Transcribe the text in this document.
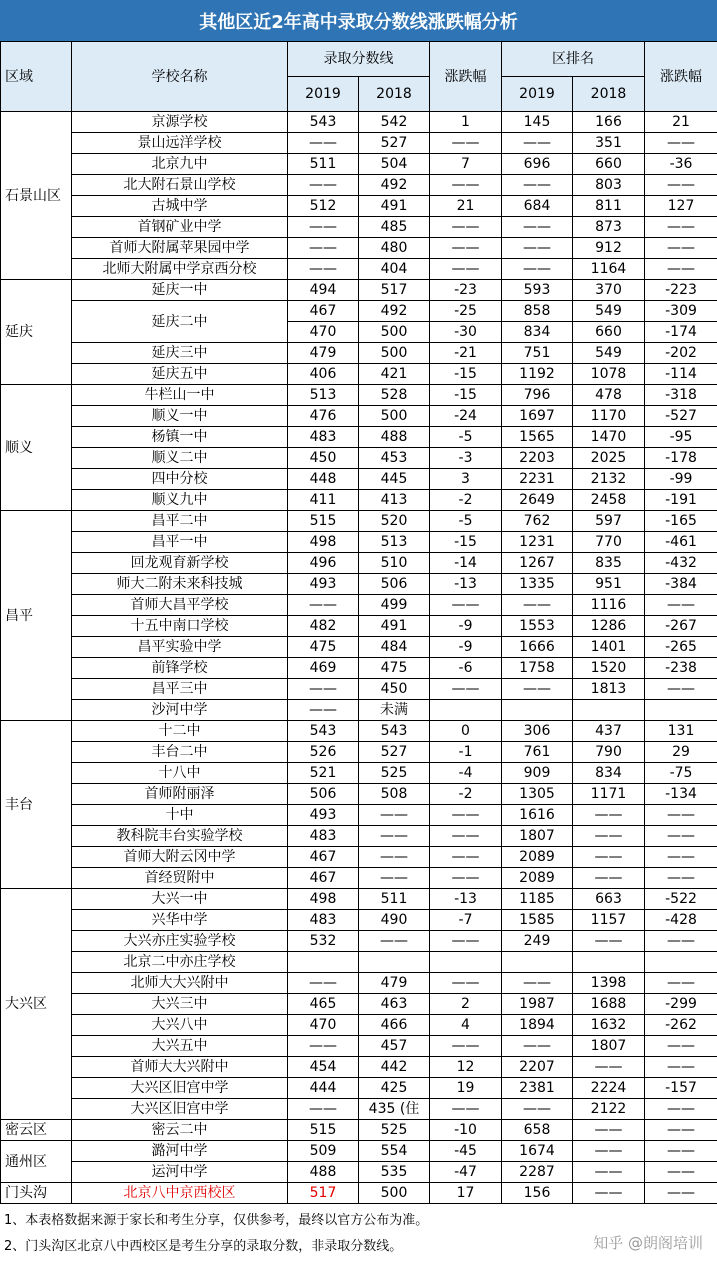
其他区近2年高中录取分数线涨跌幅分析
区域	学校名称	录取分数线		涨跌幅	区排名		涨跌幅
		2019	2018		2019	2018	
石景山区	京源学校	543	542	1	145	166	21
	景山远洋学校	——	527	——	——	351	——
	北京九中	511	504	7	696	660	-36
	北大附石景山学校	——	492	——	——	803	——
	古城中学	512	491	21	684	811	127
	首钢矿业中学	——	485	——	——	873	——
	首师大附属苹果园中学	——	480	——	——	912	——
	北师大附属中学京西分校	——	404	——	——	1164	——
延庆	延庆一中	494	517	-23	593	370	-223
	延庆二中	467	492	-25	858	549	-309
		470	500	-30	834	660	-174
	延庆三中	479	500	-21	751	549	-202
	延庆五中	406	421	-15	1192	1078	-114
顺义	牛栏山一中	513	528	-15	796	478	-318
	顺义一中	476	500	-24	1697	1170	-527
	杨镇一中	483	488	-5	1565	1470	-95
	顺义二中	450	453	-3	2203	2025	-178
	四中分校	448	445	3	2231	2132	-99
	顺义九中	411	413	-2	2649	2458	-191
昌平	昌平二中	515	520	-5	762	597	-165
	昌平一中	498	513	-15	1231	770	-461
	回龙观育新学校	496	510	-14	1267	835	-432
	师大二附未来科技城	493	506	-13	1335	951	-384
	首师大昌平学校	——	499	——	——	1116	——
	十五中南口学校	482	491	-9	1553	1286	-267
	昌平实验中学	475	484	-9	1666	1401	-265
	前锋学校	469	475	-6	1758	1520	-238
	昌平三中	——	450	——	——	1813	——
	沙河中学	——	未满				
丰台	十二中	543	543	0	306	437	131
	丰台二中	526	527	-1	761	790	29
	十八中	521	525	-4	909	834	-75
	首师附丽泽	506	508	-2	1305	1171	-134
	十中	493	——	——	1616	——	——
	教科院丰台实验学校	483	——	——	1807	——	——
	首师大附云冈中学	467	——	——	2089	——	——
	首经贸附中	467	——	——	2089	——	——
大兴区	大兴一中	498	511	-13	1185	663	-522
	兴华中学	483	490	-7	1585	1157	-428
	大兴亦庄实验学校	532	——	——	249	——	——
	北京二中亦庄学校						
	北师大大兴附中	——	479	——	——	1398	——
	大兴三中	465	463	2	1987	1688	-299
	大兴八中	470	466	4	1894	1632	-262
	大兴五中	——	457	——	——	1807	——
	首师大大兴附中	454	442	12	2207	——	——
	大兴区旧宫中学	444	425	19	2381	2224	-157
	大兴区旧宫中学	——	435 (住	——	——	2122	——
密云区	密云二中	515	525	-10	658	——	——
通州区	潞河中学	509	554	-45	1674	——	——
	运河中学	488	535	-47	2287	——	——
门头沟	北京八中京西校区	517	500	17	156	——	——
1、本表格数据来源于家长和考生分享，仅供参考，最终以官方公布为准。
2、门头沟区北京八中西校区是考生分享的录取分数，非录取分数线。	知乎 @朗阁培训
